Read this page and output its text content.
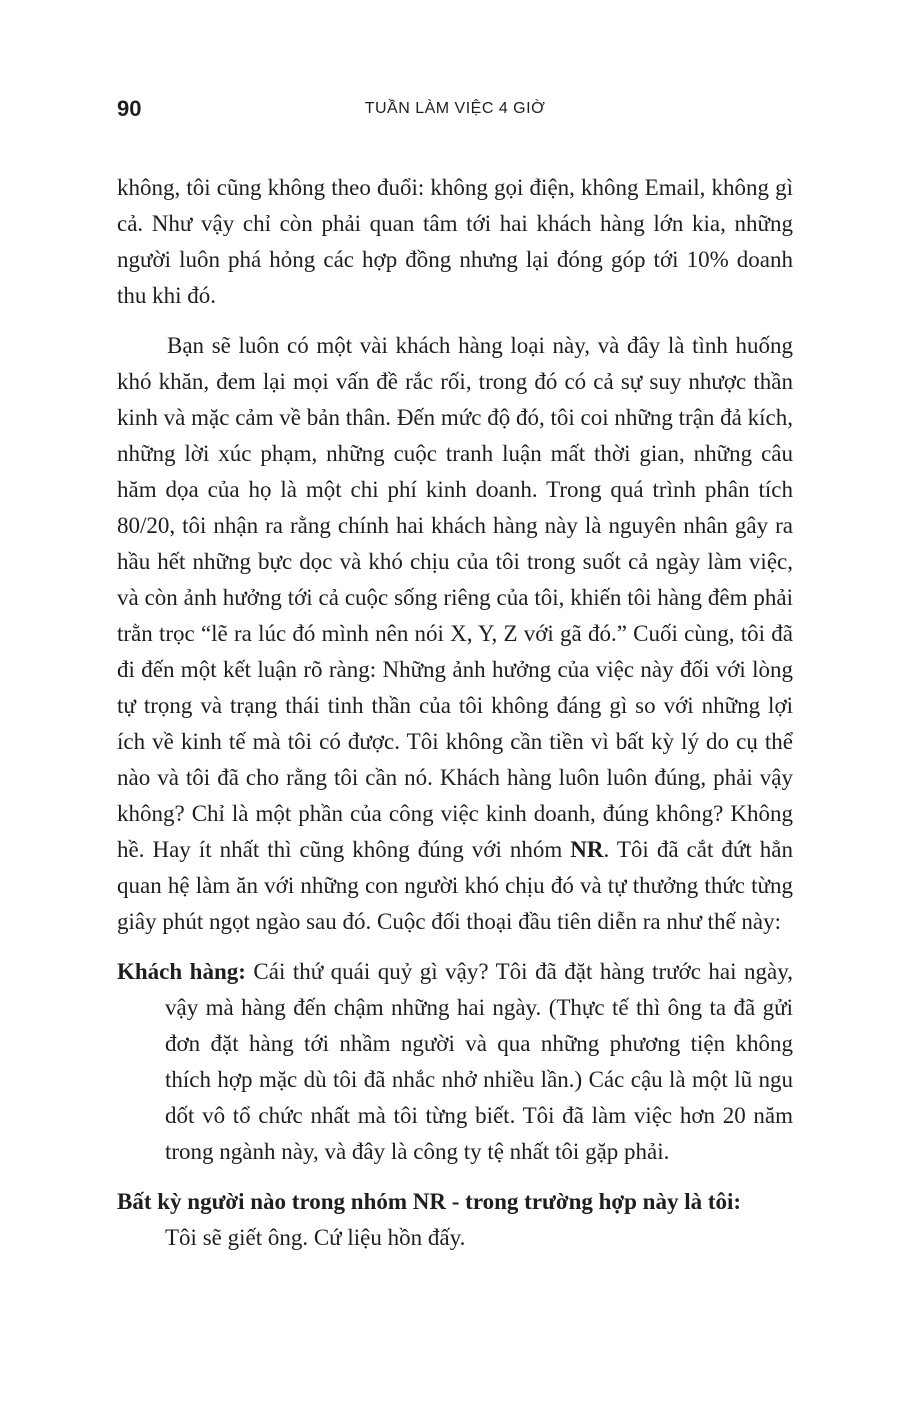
90	TUẦN LÀM VIỆC 4 GIỜ

không, tôi cũng không theo đuổi: không gọi điện, không Email, không gì cả. Như vậy chỉ còn phải quan tâm tới hai khách hàng lớn kia, những người luôn phá hỏng các hợp đồng nhưng lại đóng góp tới 10% doanh thu khi đó.

Bạn sẽ luôn có một vài khách hàng loại này, và đây là tình huống khó khăn, đem lại mọi vấn đề rắc rối, trong đó có cả sự suy nhược thần kinh và mặc cảm về bản thân. Đến mức độ đó, tôi coi những trận đả kích, những lời xúc phạm, những cuộc tranh luận mất thời gian, những câu hăm dọa của họ là một chi phí kinh doanh. Trong quá trình phân tích 80/20, tôi nhận ra rằng chính hai khách hàng này là nguyên nhân gây ra hầu hết những bực dọc và khó chịu của tôi trong suốt cả ngày làm việc, và còn ảnh hưởng tới cả cuộc sống riêng của tôi, khiến tôi hàng đêm phải trằn trọc “lẽ ra lúc đó mình nên nói X, Y, Z với gã đó.” Cuối cùng, tôi đã đi đến một kết luận rõ ràng: Những ảnh hưởng của việc này đối với lòng tự trọng và trạng thái tinh thần của tôi không đáng gì so với những lợi ích về kinh tế mà tôi có được. Tôi không cần tiền vì bất kỳ lý do cụ thể nào và tôi đã cho rằng tôi cần nó. Khách hàng luôn luôn đúng, phải vậy không? Chỉ là một phần của công việc kinh doanh, đúng không? Không hề. Hay ít nhất thì cũng không đúng với nhóm NR. Tôi đã cắt đứt hẳn quan hệ làm ăn với những con người khó chịu đó và tự thưởng thức từng giây phút ngọt ngào sau đó. Cuộc đối thoại đầu tiên diễn ra như thế này:

Khách hàng: Cái thứ quái quỷ gì vậy? Tôi đã đặt hàng trước hai ngày, vậy mà hàng đến chậm những hai ngày. (Thực tế thì ông ta đã gửi đơn đặt hàng tới nhầm người và qua những phương tiện không thích hợp mặc dù tôi đã nhắc nhở nhiều lần.) Các cậu là một lũ ngu dốt vô tổ chức nhất mà tôi từng biết. Tôi đã làm việc hơn 20 năm trong ngành này, và đây là công ty tệ nhất tôi gặp phải.

Bất kỳ người nào trong nhóm NR - trong trường hợp này là tôi:

Tôi sẽ giết ông. Cứ liệu hồn đấy.
